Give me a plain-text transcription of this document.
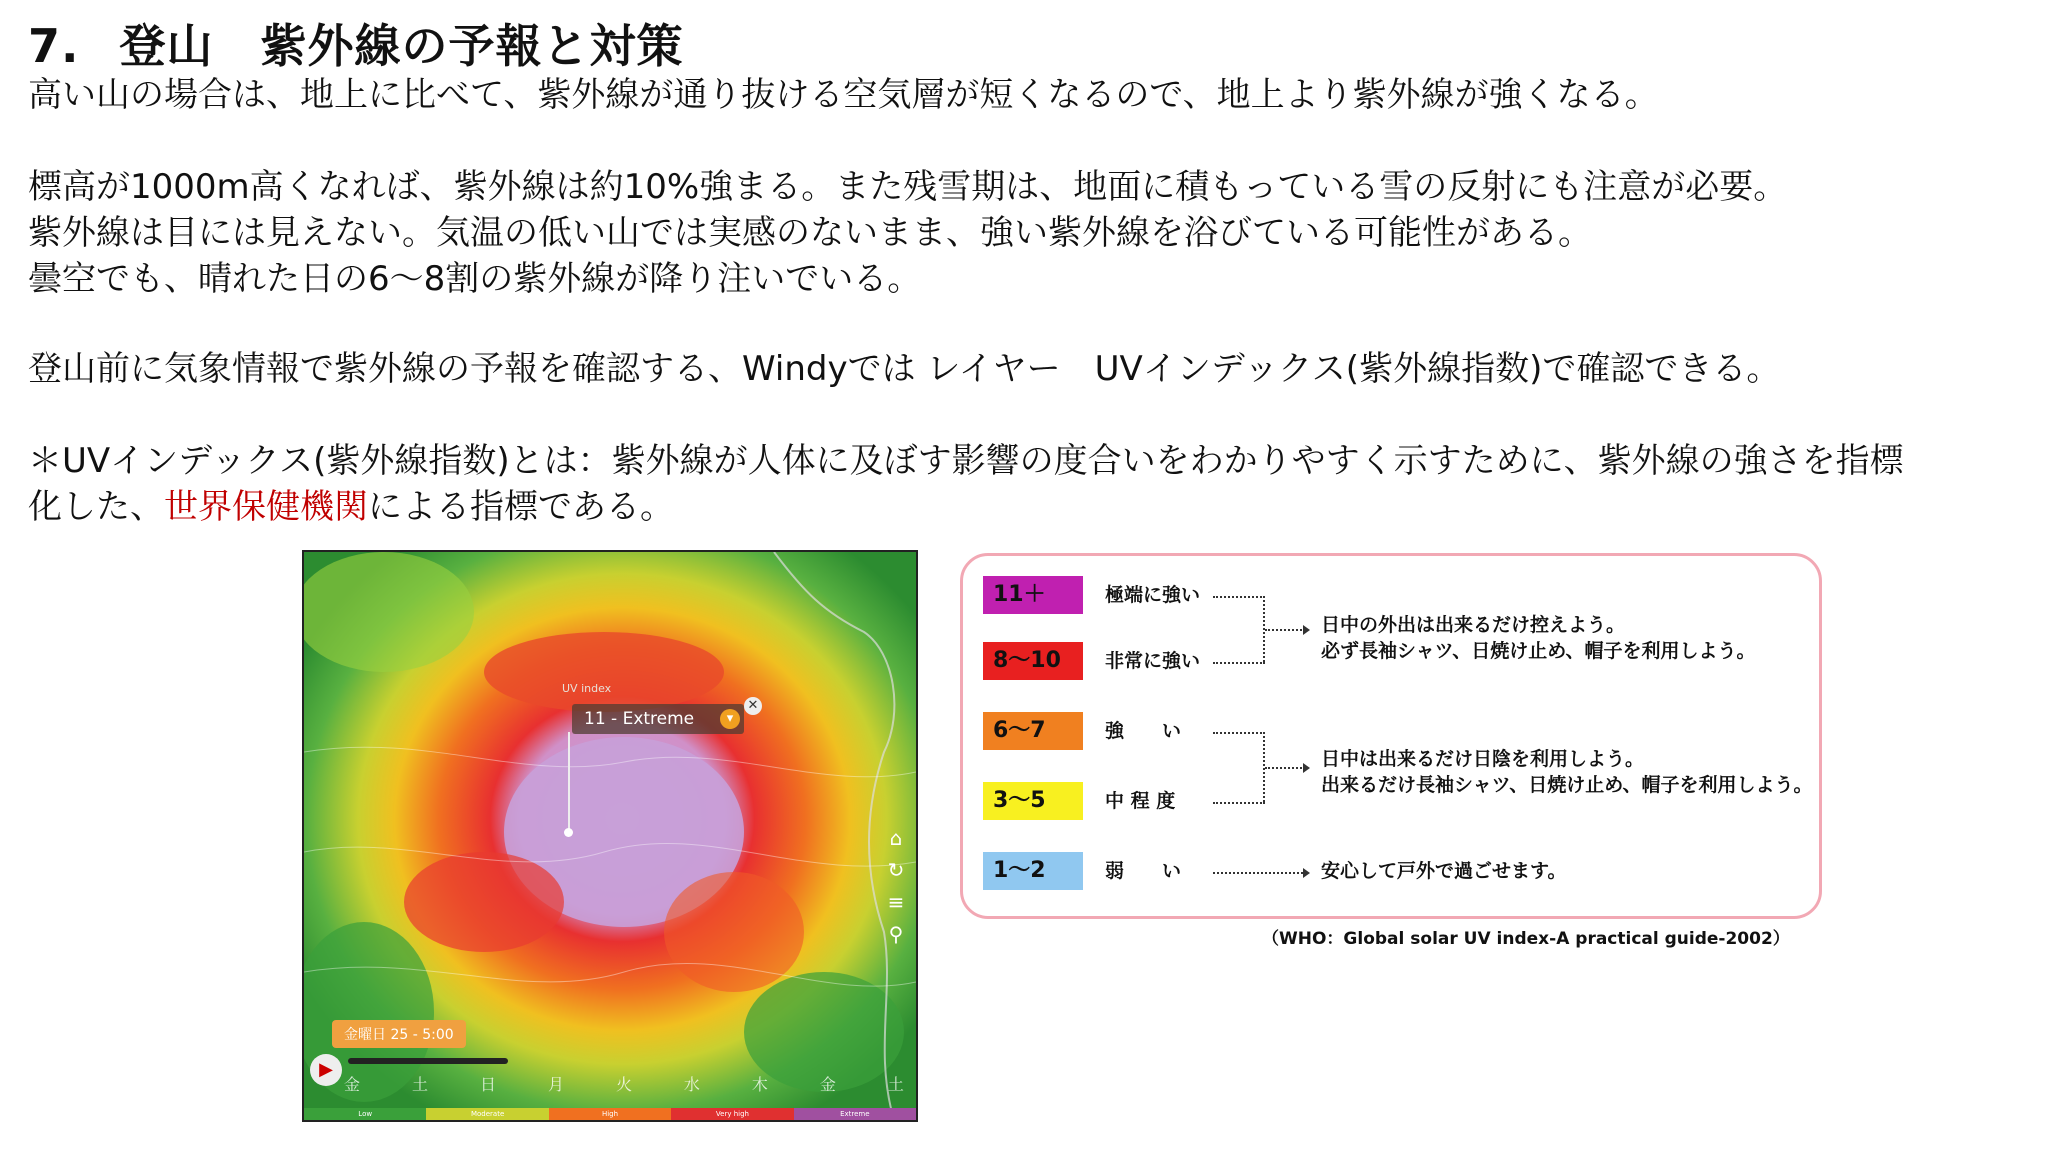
7. 登山　紫外線の予報と対策
高い山の場合は、地上に比べて、紫外線が通り抜ける空気層が短くなるので、地上より紫外線が強くなる。
標高が1000m高くなれば、紫外線は約10%強まる。また残雪期は、地面に積もっている雪の反射にも注意が必要。
紫外線は目には見えない。気温の低い山では実感のないまま、強い紫外線を浴びている可能性がある。
曇空でも、晴れた日の6～8割の紫外線が降り注いでいる。
登山前に気象情報で紫外線の予報を確認する、Windyでは レイヤー　UVインデックス(紫外線指数)で確認できる。
＊UVインデックス(紫外線指数)とは：紫外線が人体に及ぼす影響の度合いをわかりやすく示すために、紫外線の強さを指標
化した、世界保健機関による指標である。
UV index
11 - Extreme	▾
✕
⌂
↻
≡
⚲
金曜日 25 - 5:00
▶
金	土	日	月	火	水	木	金	土
Low	Moderate	High	Very high	Extreme
11＋	極端に強い
8～10	非常に強い
6～7	強　　い
3～5	中 程 度
1～2	弱　　い
日中の外出は出来るだけ控えよう。
必ず長袖シャツ、日焼け止め、帽子を利用しよう。
日中は出来るだけ日陰を利用しよう。
出来るだけ長袖シャツ、日焼け止め、帽子を利用しよう。
安心して戸外で過ごせます。
（WHO：Global solar UV index-A practical guide-2002）
